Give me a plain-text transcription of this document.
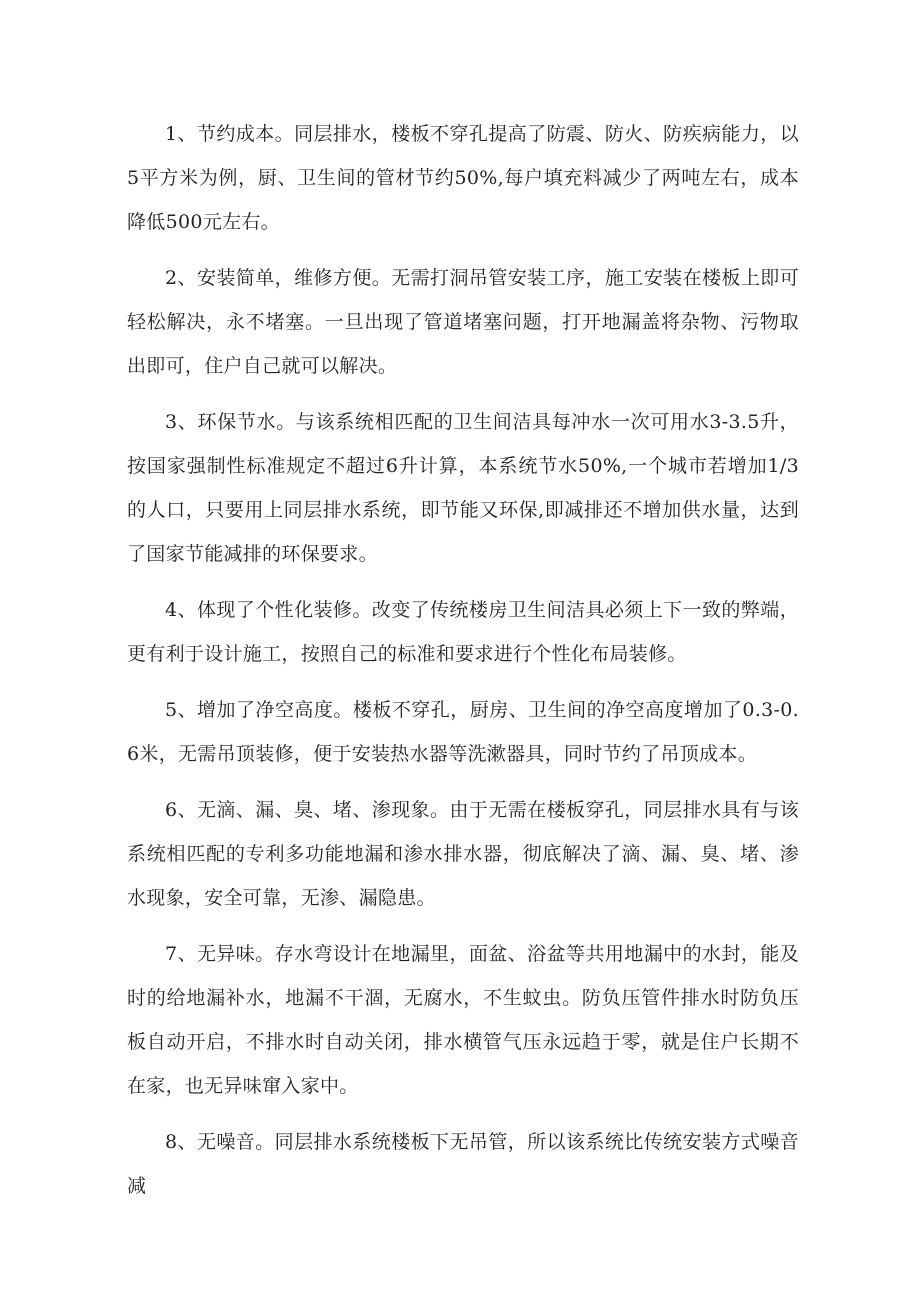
1、节约成本。同层排水，楼板不穿孔提高了防震、防火、防疾病能力，以5平方米为例，厨、卫生间的管材节约50%,每户填充料减少了两吨左右，成本降低500元左右。

2、安装简单，维修方便。无需打洞吊管安装工序，施工安装在楼板上即可轻松解决，永不堵塞。一旦出现了管道堵塞问题，打开地漏盖将杂物、污物取出即可，住户自己就可以解决。

3、环保节水。与该系统相匹配的卫生间洁具每冲水一次可用水3-3.5升，按国家强制性标准规定不超过6升计算，本系统节水50%,一个城市若增加1/3的人口，只要用上同层排水系统，即节能又环保,即减排还不增加供水量，达到了国家节能减排的环保要求。

4、体现了个性化装修。改变了传统楼房卫生间洁具必须上下一致的弊端，更有利于设计施工，按照自己的标准和要求进行个性化布局装修。

5、增加了净空高度。楼板不穿孔，厨房、卫生间的净空高度增加了0.3-0.6米，无需吊顶装修，便于安装热水器等洗漱器具，同时节约了吊顶成本。

6、无滴、漏、臭、堵、渗现象。由于无需在楼板穿孔，同层排水具有与该系统相匹配的专利多功能地漏和渗水排水器，彻底解决了滴、漏、臭、堵、渗水现象，安全可靠，无渗、漏隐患。

7、无异味。存水弯设计在地漏里，面盆、浴盆等共用地漏中的水封，能及时的给地漏补水，地漏不干涸，无腐水，不生蚊虫。防负压管件排水时防负压板自动开启，不排水时自动关闭，排水横管气压永远趋于零，就是住户长期不在家，也无异味窜入家中。

8、无噪音。同层排水系统楼板下无吊管，所以该系统比传统安装方式噪音减
